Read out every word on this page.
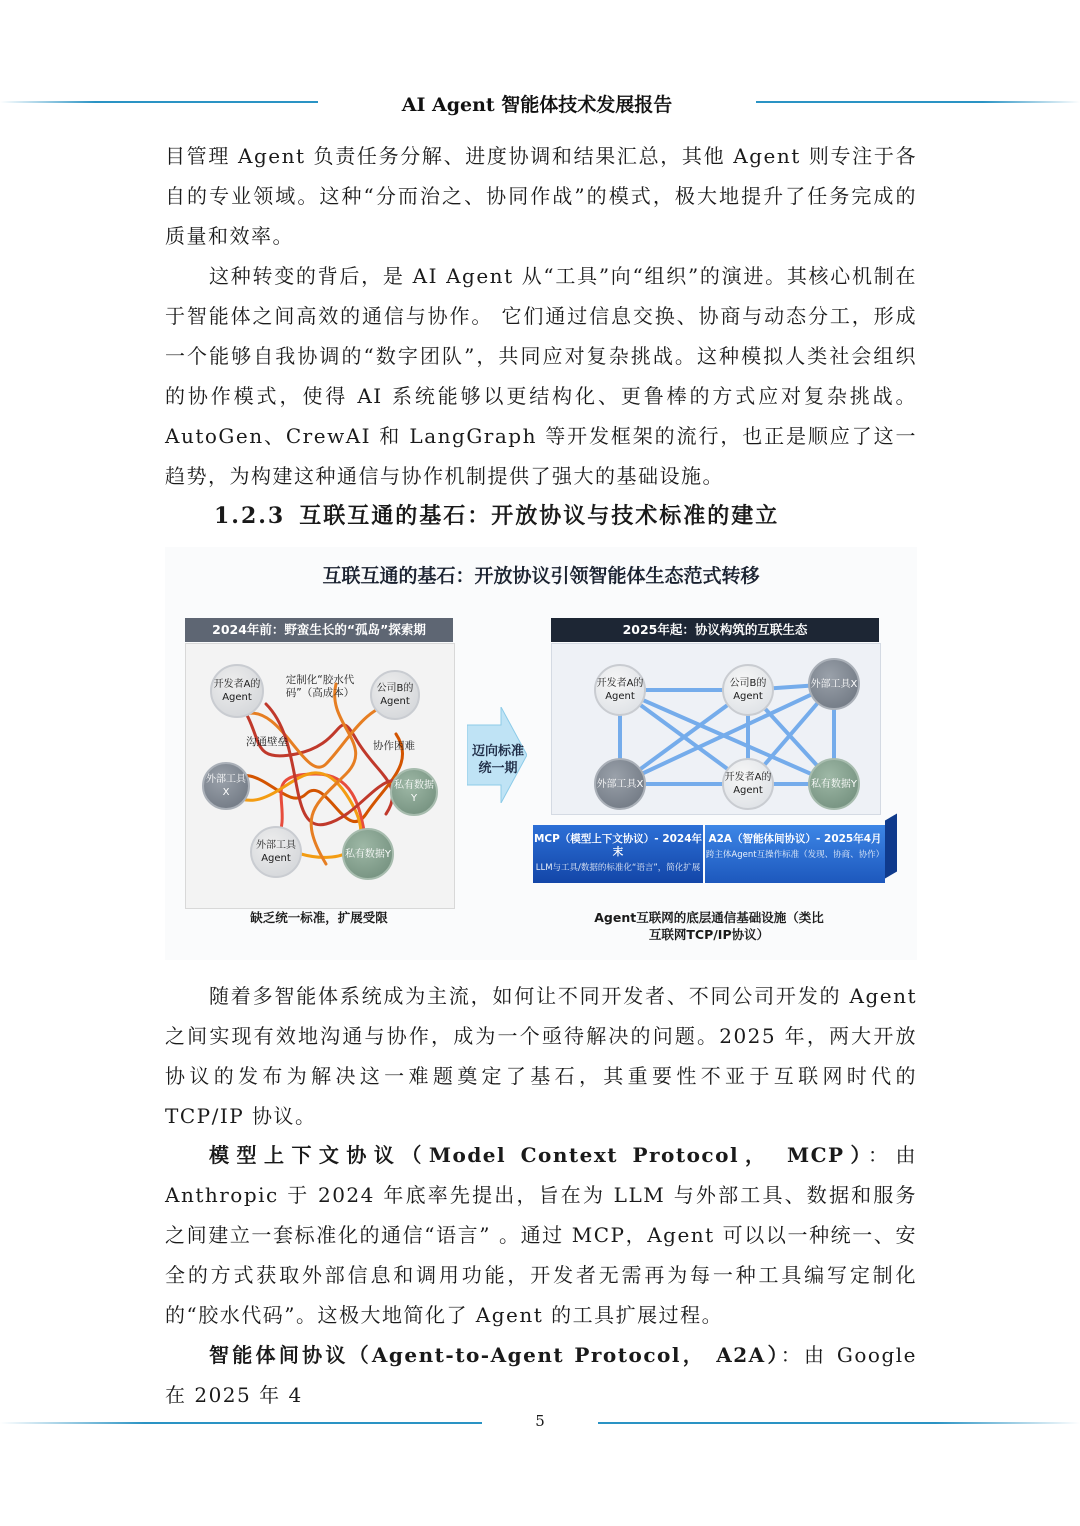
AI Agent 智能体技术发展报告

目管理 Agent 负责任务分解、进度协调和结果汇总，其他 Agent 则专注于各自的专业领域。这种“分而治之、协同作战”的模式，极大地提升了任务完成的质量和效率。

这种转变的背后，是 AI Agent 从“工具”向“组织”的演进。其核心机制在于智能体之间高效的通信与协作。 它们通过信息交换、协商与动态分工，形成一个能够自我协调的“数字团队”，共同应对复杂挑战。这种模拟人类社会组织的协作模式，使得 AI 系统能够以更结构化、更鲁棒的方式应对复杂挑战。AutoGen、CrewAI 和 LangGraph 等开发框架的流行，也正是顺应了这一趋势，为构建这种通信与协作机制提供了强大的基础设施。

1.2.3 互联互通的基石：开放协议与技术标准的建立
互联互通的基石：开放协议引领智能体生态范式转移
2024年前：野蛮生长的“孤岛”探索期
开发者A的Agent
公司B的Agent
外部工具X
私有数据Y
外部工具Agent	私有数据Y
定制化“胶水代码”（高成本）
沟通壁垒	协作困难
缺乏统一标准，扩展受限
迈向标准统一期
2025年起：协议构筑的互联生态
开发者A的Agent
公司B的Agent
外部工具X
外部工具X
开发者A的Agent
私有数据Y
MCP（模型上下文协议）- 2024年末
LLM与工具/数据的标准化“语言”，简化扩展
A2A（智能体间协议）- 2025年4月
跨主体Agent互操作标准（发现、协商、协作）
Agent互联网的底层通信基础设施（类比互联网TCP/IP协议）

随着多智能体系统成为主流，如何让不同开发者、不同公司开发的 Agent 之间实现有效地沟通与协作，成为一个亟待解决的问题。2025 年，两大开放协议的发布为解决这一难题奠定了基石，其重要性不亚于互联网时代的 TCP/IP 协议。

模型上下文协议（Model Context Protocol， MCP）：由 Anthropic 于 2024 年底率先提出，旨在为 LLM 与外部工具、数据和服务之间建立一套标准化的通信“语言” 。通过 MCP，Agent 可以以一种统一、安全的方式获取外部信息和调用功能，开发者无需再为每一种工具编写定制化的“胶水代码”。这极大地简化了 Agent 的工具扩展过程。

智能体间协议（Agent-to-Agent Protocol， A2A）：由 Google 在 2025 年 4

5
